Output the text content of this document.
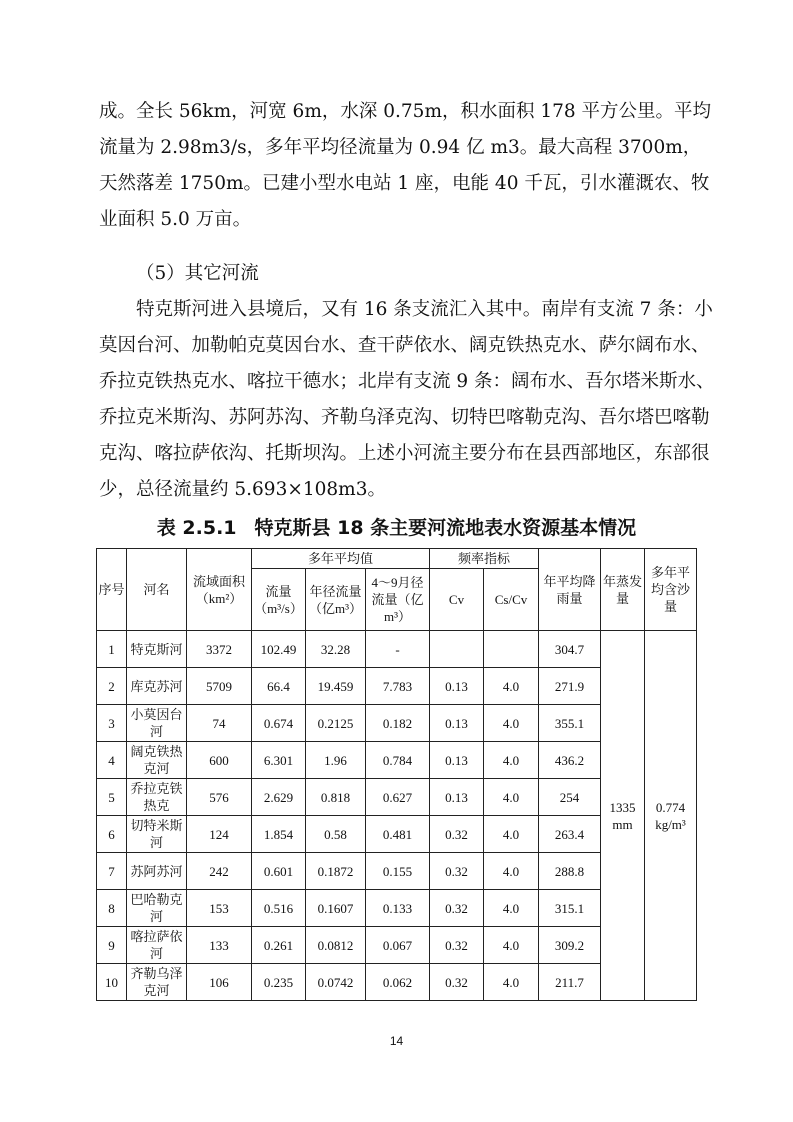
成。全长 56km，河宽 6m，水深 0.75m，积水面积 178 平方公里。平均流量为 2.98m3/s，多年平均径流量为 0.94 亿 m3。最大高程 3700m，天然落差 1750m。已建小型水电站 1 座，电能 40 千瓦，引水灌溉农、牧业面积 5.0 万亩。

（5）其它河流

特克斯河进入县境后，又有 16 条支流汇入其中。南岸有支流 7 条：小莫因台河、加勒帕克莫因台水、查干萨依水、阔克铁热克水、萨尔阔布水、乔拉克铁热克水、喀拉干德水；北岸有支流 9 条：阔布水、吾尔塔米斯水、乔拉克米斯沟、苏阿苏沟、齐勒乌泽克沟、切特巴喀勒克沟、吾尔塔巴喀勒克沟、喀拉萨依沟、托斯坝沟。上述小河流主要分布在县西部地区，东部很少，总径流量约 5.693×108m3。

表 2.5.1 特克斯县 18 条主要河流地表水资源基本情况
序号	河名	流域面积（km²）	多年平均值			频率指标		年平均降雨量	年蒸发量	多年平均含沙量
			流量（m³/s）	年径流量（亿m³）	4～9月径流量（亿m³）	Cv	Cs/Cv			
1	特克斯河	3372	102.49	32.28	-			304.7	1335 mm	0.774 kg/m³
2	库克苏河	5709	66.4	19.459	7.783	0.13	4.0	271.9		
3	小莫因台河	74	0.674	0.2125	0.182	0.13	4.0	355.1		
4	阔克铁热克河	600	6.301	1.96	0.784	0.13	4.0	436.2		
5	乔拉克铁热克	576	2.629	0.818	0.627	0.13	4.0	254		
6	切特米斯河	124	1.854	0.58	0.481	0.32	4.0	263.4		
7	苏阿苏河	242	0.601	0.1872	0.155	0.32	4.0	288.8		
8	巴哈勒克河	153	0.516	0.1607	0.133	0.32	4.0	315.1		
9	喀拉萨依河	133	0.261	0.0812	0.067	0.32	4.0	309.2		
10	齐勒乌泽克河	106	0.235	0.0742	0.062	0.32	4.0	211.7		
14
